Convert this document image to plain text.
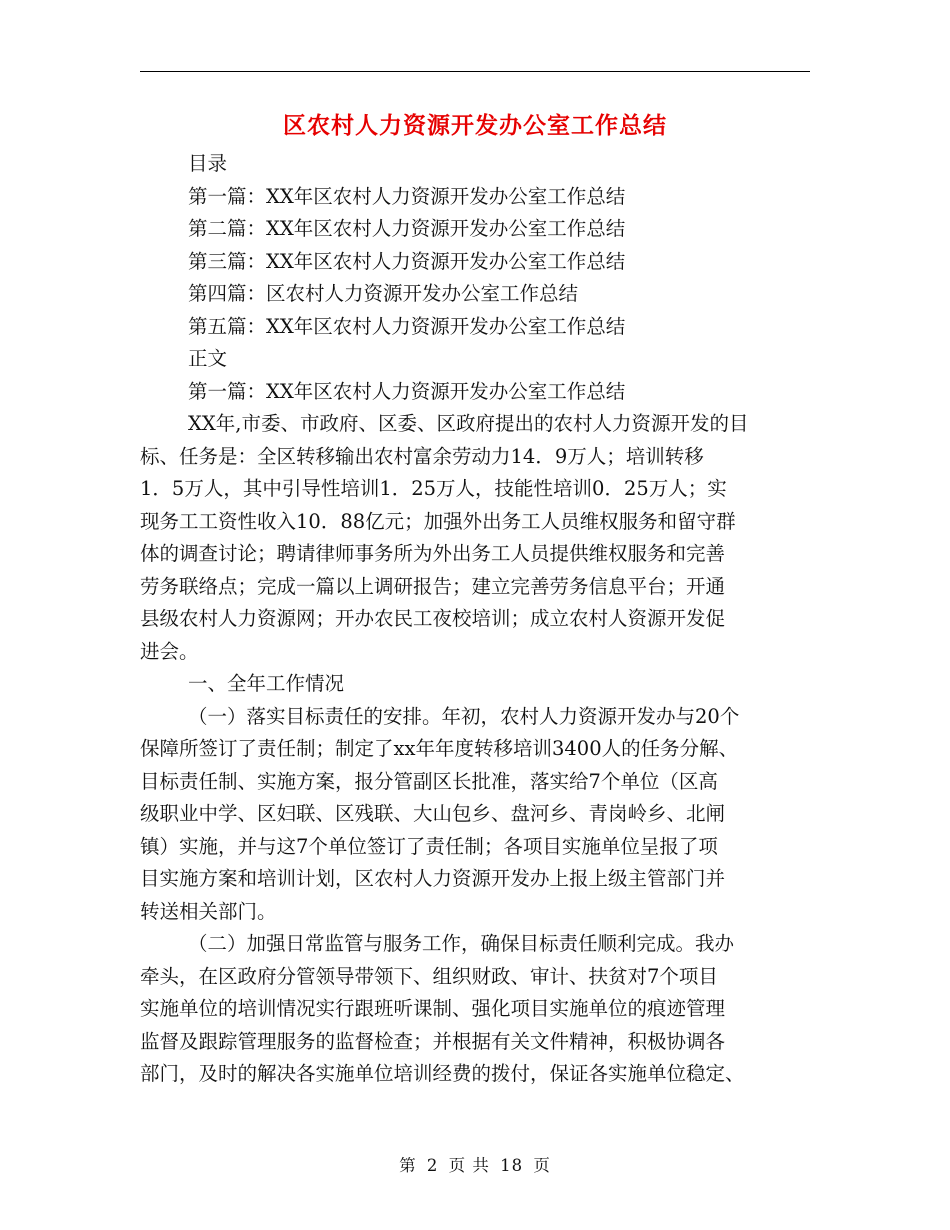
区农村人力资源开发办公室工作总结
目录
第一篇：XX年区农村人力资源开发办公室工作总结
第二篇：XX年区农村人力资源开发办公室工作总结
第三篇：XX年区农村人力资源开发办公室工作总结
第四篇：区农村人力资源开发办公室工作总结
第五篇：XX年区农村人力资源开发办公室工作总结
正文
第一篇：XX年区农村人力资源开发办公室工作总结
XX年,市委、市政府、区委、区政府提出的农村人力资源开发的目
标、任务是：全区转移输出农村富余劳动力14．9万人；培训转移
1．5万人，其中引导性培训1．25万人，技能性培训0．25万人；实
现务工工资性收入10．88亿元；加强外出务工人员维权服务和留守群
体的调查讨论；聘请律师事务所为外出务工人员提供维权服务和完善
劳务联络点；完成一篇以上调研报告；建立完善劳务信息平台；开通
县级农村人力资源网；开办农民工夜校培训；成立农村人资源开发促
进会。
一、全年工作情况
（一）落实目标责任的安排。年初，农村人力资源开发办与20个
保障所签订了责任制；制定了xx年年度转移培训3400人的任务分解、
目标责任制、实施方案，报分管副区长批准，落实给7个单位（区高
级职业中学、区妇联、区残联、大山包乡、盘河乡、青岗岭乡、北闸
镇）实施，并与这7个单位签订了责任制；各项目实施单位呈报了项
目实施方案和培训计划，区农村人力资源开发办上报上级主管部门并
转送相关部门。
（二）加强日常监管与服务工作，确保目标责任顺利完成。我办
牵头，在区政府分管领导带领下、组织财政、审计、扶贫对7个项目
实施单位的培训情况实行跟班听课制、强化项目实施单位的痕迹管理
监督及跟踪管理服务的监督检查；并根据有关文件精神，积极协调各
部门，及时的解决各实施单位培训经费的拨付，保证各实施单位稳定、
第 2 页 共 18 页
